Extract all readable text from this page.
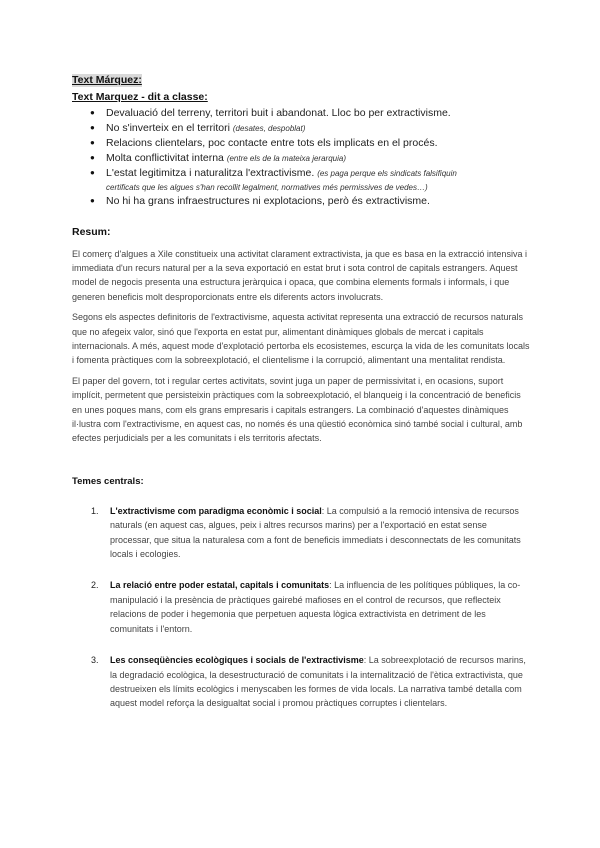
Text Márquez:
Text Marquez - dit a classe:
● Devaluació del terreny, territori buit i abandonat. Lloc bo per extractivisme.
● No s'inverteix en el territori (desates, despoblat)
● Relacions clientelars, poc contacte entre tots els implicats en el procés.
● Molta conflictivitat interna (entre els de la mateixa jerarquia)
● L'estat legitimitza i naturalitza l'extractivisme. (es paga perque els sindicats falsifiquin
certificats que les algues s'han recollit legalment, normatives més permissives de vedes…)
● No hi ha grans infraestructures ni explotacions, però és extractivisme.
Resum:

El comerç d'algues a Xile constitueix una activitat clarament extractivista, ja que es basa en la extracció intensiva i immediata d'un recurs natural per a la seva exportació en estat brut i sota control de capitals estrangers. Aquest model de negocis presenta una estructura jeràrquica i opaca, que combina elements formals i informals, i que generen beneficis molt desproporcionats entre els diferents actors involucrats.

Segons els aspectes definitoris de l'extractivisme, aquesta activitat representa una extracció de recursos naturals que no afegeix valor, sinó que l'exporta en estat pur, alimentant dinàmiques globals de mercat i capitals internacionals. A més, aquest mode d'explotació pertorba els ecosistemes, escurça la vida de les comunitats locals i fomenta pràctiques com la sobreexplotació, el clientelisme i la corrupció, alimentant una mentalitat rendista.

El paper del govern, tot i regular certes activitats, sovint juga un paper de permissivitat i, en ocasions, suport implícit, permetent que persisteixin pràctiques com la sobreexplotació, el blanqueig i la concentració de beneficis en unes poques mans, com els grans empresaris i capitals estrangers. La combinació d'aquestes dinàmiques il·lustra com l'extractivisme, en aquest cas, no només és una qüestió econòmica sinó també social i cultural, amb efectes perjudicials per a les comunitats i els territoris afectats.

Temes centrals:
1. L'extractivisme com paradigma econòmic i social: La compulsió a la remoció intensiva de recursos naturals (en aquest cas, algues, peix i altres recursos marins) per a l'exportació en estat sense processar, que situa la naturalesa com a font de beneficis immediats i desconnectats de les comunitats locals i ecologies.
2. La relació entre poder estatal, capitals i comunitats: La influencia de les polítiques públiques, la co-manipulació i la presència de pràctiques gairebé mafioses en el control de recursos, que reflecteix relacions de poder i hegemonia que perpetuen aquesta lògica extractivista en detriment de les comunitats i l'entorn.
3. Les conseqüències ecològiques i socials de l'extractivisme: La sobreexplotació de recursos marins, la degradació ecològica, la desestructuració de comunitats i la internalització de l'ètica extractivista, que destrueixen els límits ecològics i menyscaben les formes de vida locals. La narrativa també detalla com aquest model reforça la desigualtat social i promou pràctiques corruptes i clientelars.
